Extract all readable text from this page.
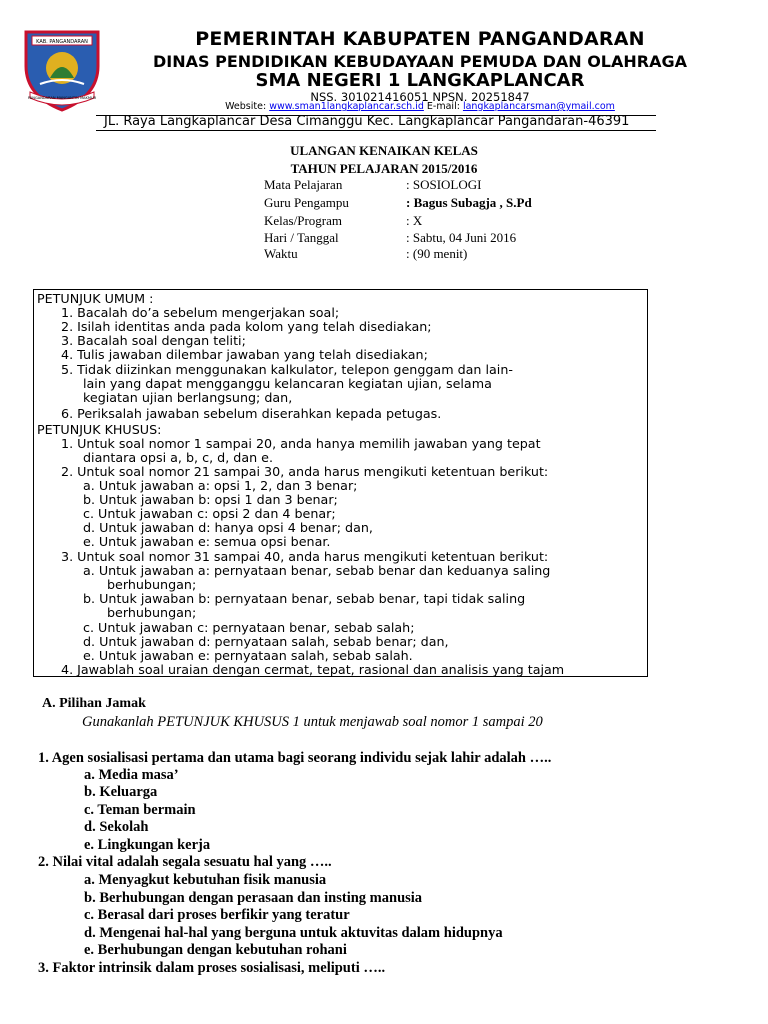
KAB. PANGANDARAN
PANGANDARAN MANGANTIN MAKMUR
PEMERINTAH KABUPATEN PANGANDARAN
DINAS PENDIDIKAN KEBUDAYAAN PEMUDA DAN OLAHRAGA
SMA NEGERI 1 LANGKAPLANCAR
NSS. 301021416051 NPSN. 20251847
Website: www.sman1langkaplancar.sch.id E-mail: langkaplancarsman@ymail.com
JL. Raya Langkaplancar Desa Cimanggu Kec. Langkaplancar Pangandaran-46391
ULANGAN KENAIKAN KELAS
TAHUN PELAJARAN 2015/2016
Mata Pelajaran	: SOSIOLOGI
Guru Pengampu	: Bagus Subagja , S.Pd
Kelas/Program	: X
Hari / Tanggal	: Sabtu, 04 Juni 2016
Waktu	: (90 menit)
PETUNJUK UMUM :
1. Bacalah do’a sebelum mengerjakan soal;
2. Isilah identitas anda pada kolom yang telah disediakan;
3. Bacalah soal dengan teliti;
4. Tulis jawaban dilembar jawaban yang telah disediakan;
5. Tidak diizinkan menggunakan kalkulator, telepon genggam dan lain-
lain yang dapat mengganggu kelancaran kegiatan ujian, selama
kegiatan ujian berlangsung; dan,
6. Periksalah jawaban sebelum diserahkan kepada petugas.
PETUNJUK KHUSUS:
1. Untuk soal nomor 1 sampai 20, anda hanya memilih jawaban yang tepat
diantara opsi a, b, c, d, dan e.
2. Untuk soal nomor 21 sampai 30, anda harus mengikuti ketentuan berikut:
a. Untuk jawaban a: opsi 1, 2, dan 3 benar;
b. Untuk jawaban b: opsi 1 dan 3 benar;
c. Untuk jawaban c: opsi 2 dan 4 benar;
d. Untuk jawaban d: hanya opsi 4 benar; dan,
e. Untuk jawaban e: semua opsi benar.
3. Untuk soal nomor 31 sampai 40, anda harus mengikuti ketentuan berikut:
a. Untuk jawaban a: pernyataan benar, sebab benar dan keduanya saling
berhubungan;
b. Untuk jawaban b: pernyataan benar, sebab benar, tapi tidak saling
berhubungan;
c. Untuk jawaban c: pernyataan benar, sebab salah;
d. Untuk jawaban d: pernyataan salah, sebab benar; dan,
e. Untuk jawaban e: pernyataan salah, sebab salah.
4. Jawablah soal uraian dengan cermat, tepat, rasional dan analisis yang tajam
A. Pilihan Jamak
Gunakanlah PETUNJUK KHUSUS 1 untuk menjawab soal nomor 1 sampai 20
1. Agen sosialisasi pertama dan utama bagi seorang individu sejak lahir adalah …..
a. Media masa’
b. Keluarga
c. Teman bermain
d. Sekolah
e. Lingkungan kerja
2. Nilai vital adalah segala sesuatu hal yang …..
a. Menyagkut kebutuhan fisik manusia
b. Berhubungan dengan perasaan dan insting manusia
c. Berasal dari proses berfikir yang teratur
d. Mengenai hal-hal yang berguna untuk aktuvitas dalam hidupnya
e. Berhubungan dengan kebutuhan rohani
3. Faktor intrinsik dalam proses sosialisasi, meliputi …..
